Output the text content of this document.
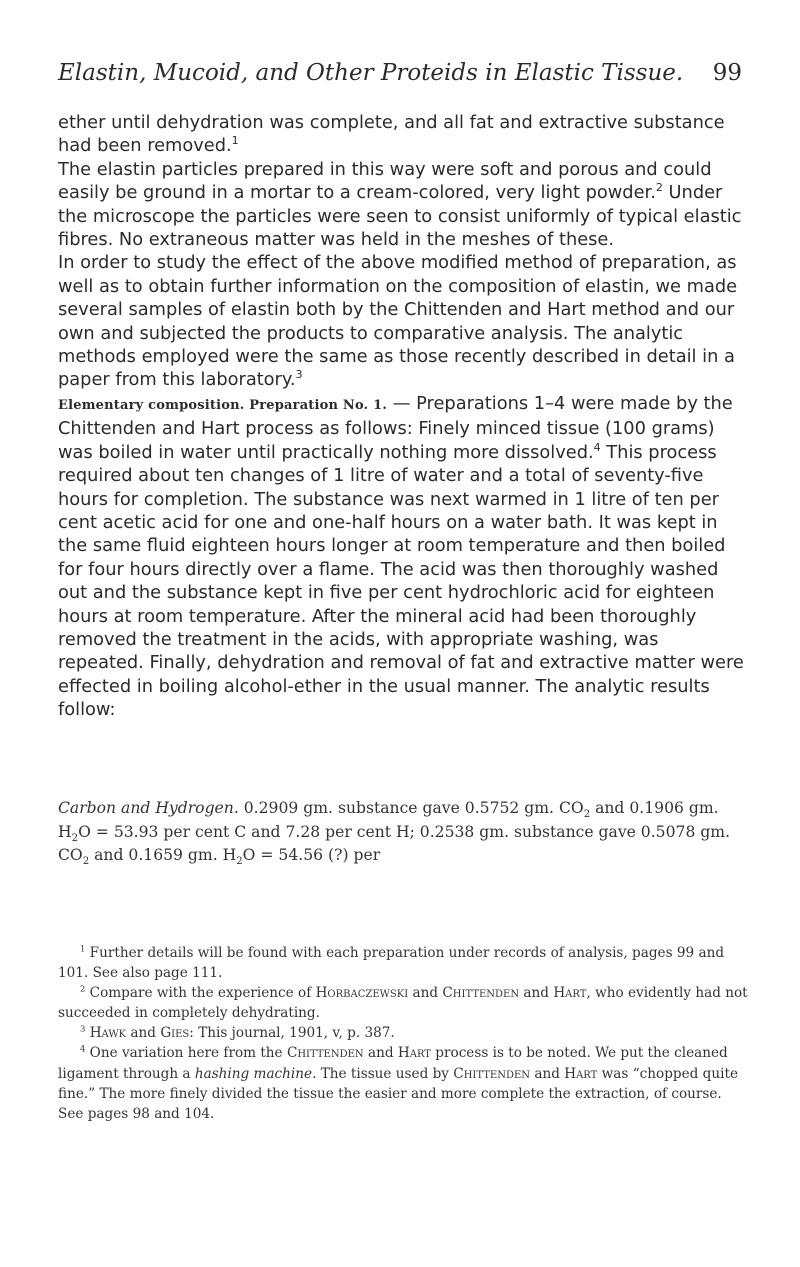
Elastin, Mucoid, and Other Proteids in Elastic Tissue. 99

ether until dehydration was complete, and all fat and extractive substance had been removed.$^1$

The elastin particles prepared in this way were soft and porous and could easily be ground in a mortar to a cream-colored, very light powder.$^2$ Under the microscope the particles were seen to consist uniformly of typical elastic fibres. No extraneous matter was held in the meshes of these.

In order to study the effect of the above modified method of preparation, as well as to obtain further information on the composition of elastin, we made several samples of elastin both by the Chittenden and Hart method and our own and subjected the products to comparative analysis. The analytic methods employed were the same as those recently described in detail in a paper from this laboratory.$^3$

Elementary composition. Preparation No. 1. — Preparations 1–4 were made by the Chittenden and Hart process as follows: Finely minced tissue (100 grams) was boiled in water until practically nothing more dissolved.$^4$ This process required about ten changes of 1 litre of water and a total of seventy-five hours for completion. The substance was next warmed in 1 litre of ten per cent acetic acid for one and one-half hours on a water bath. It was kept in the same fluid eighteen hours longer at room temperature and then boiled for four hours directly over a flame. The acid was then thoroughly washed out and the substance kept in five per cent hydrochloric acid for eighteen hours at room temperature. After the mineral acid had been thoroughly removed the treatment in the acids, with appropriate washing, was repeated. Finally, dehydration and removal of fat and extractive matter were effected in boiling alcohol-ether in the usual manner. The analytic results follow:

Carbon and Hydrogen. 0.2909 gm. substance gave 0.5752 gm. $CO_2$ and 0.1906 gm. $H_2O = 53.93$ per cent C and 7.28 per cent H; 0.2538 gm. substance gave 0.5078 gm. $CO_2$ and 0.1659 gm. $H_2O = 54.56$ (?) per

$^1$ Further details will be found with each preparation under records of analysis, pages 99 and 101. See also page 111.

$^2$ Compare with the experience of Horbaczewski and Chittenden and Hart, who evidently had not succeeded in completely dehydrating.

$^3$ Hawk and Gies: This journal, 1901, v, p. 387.

$^4$ One variation here from the Chittenden and Hart process is to be noted. We put the cleaned ligament through a hashing machine. The tissue used by Chittenden and Hart was “chopped quite fine.” The more finely divided the tissue the easier and more complete the extraction, of course. See pages 98 and 104.
